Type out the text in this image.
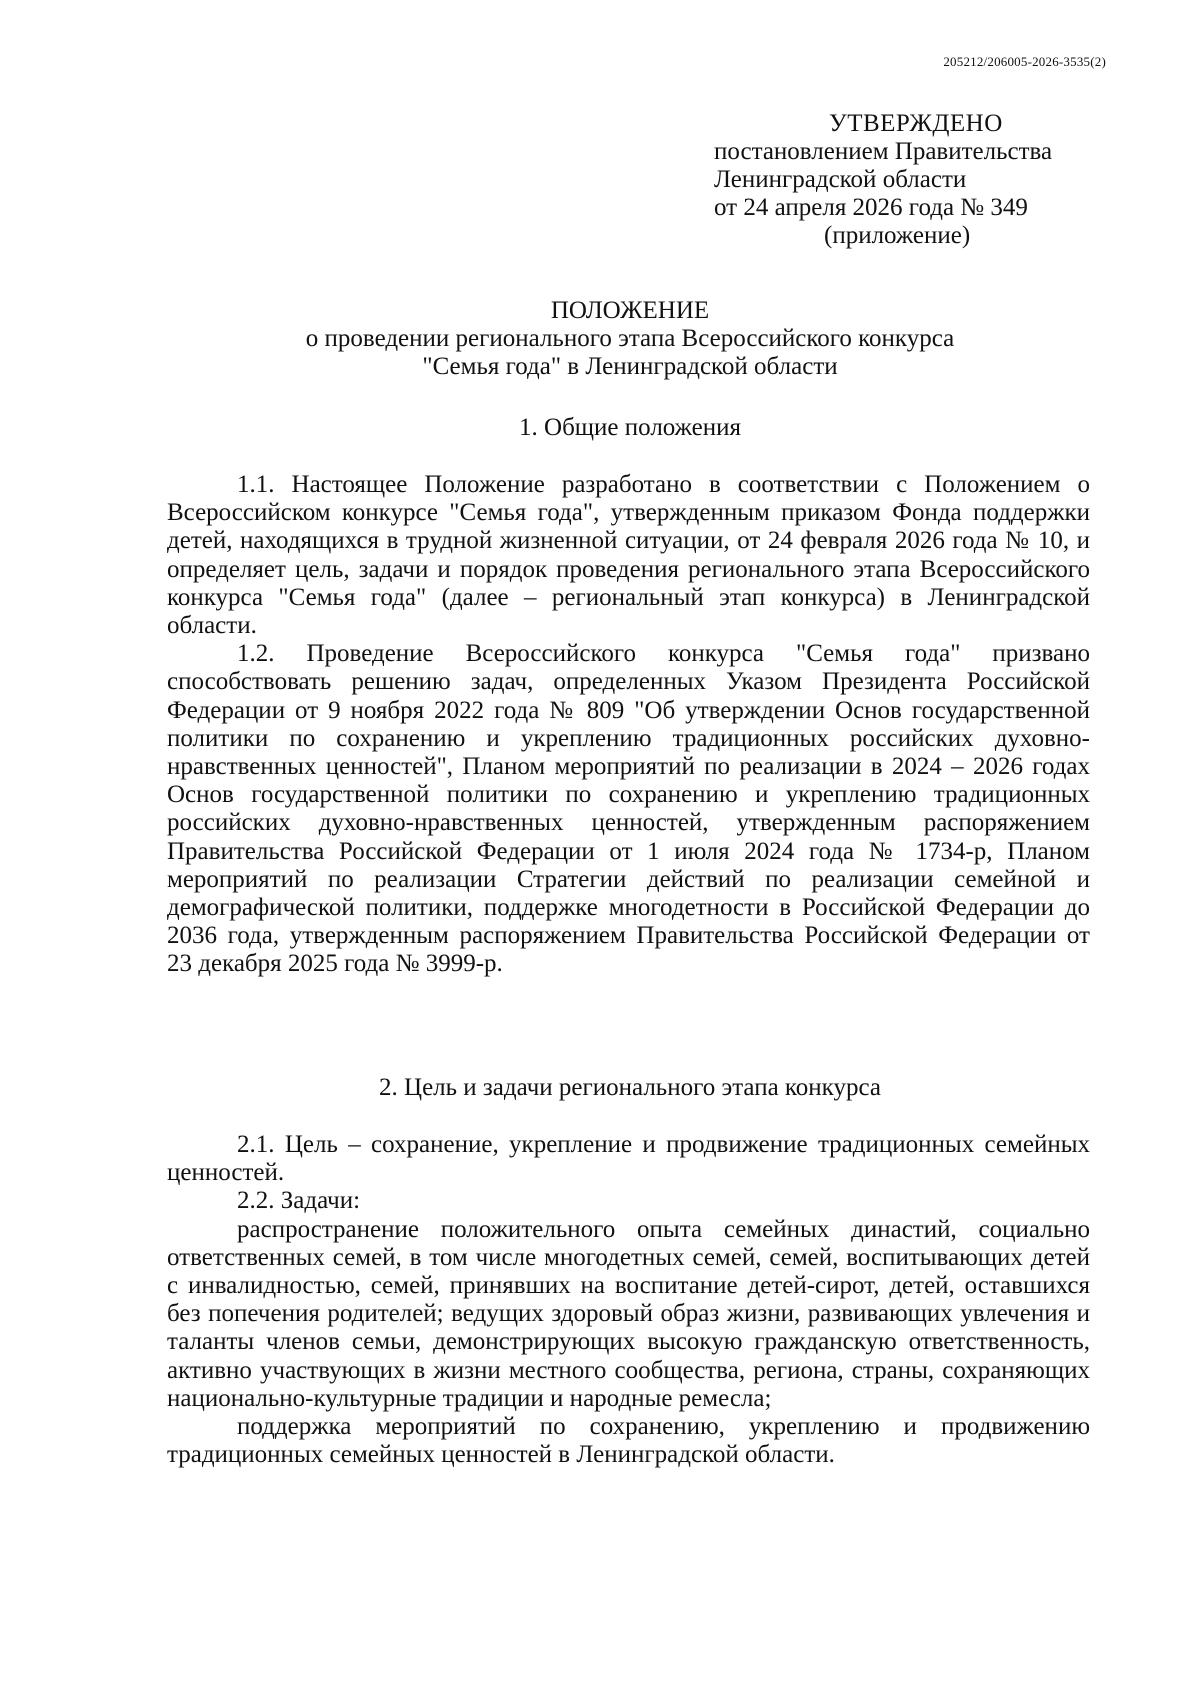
205212/206005-2026-3535(2)
УТВЕРЖДЕНО
постановлением Правительства
Ленинградской области
от 24 апреля 2026 года № 349
(приложение)
ПОЛОЖЕНИЕ
о проведении регионального этапа Всероссийского конкурса
"Семья года" в Ленинградской области
1. Общие положения

1.1. Настоящее Положение разработано в соответствии с Положением о Всероссийском конкурсе "Семья года", утвержденным приказом Фонда поддержки детей, находящихся в трудной жизненной ситуации, от 24 февраля 2026 года № 10, и определяет цель, задачи и порядок проведения регионального этапа Всероссийского конкурса "Семья года" (далее – региональный этап конкурса) в Ленинградской области.

1.2. Проведение Всероссийского конкурса "Семья года" призвано способствовать решению задач, определенных Указом Президента Российской Федерации от 9 ноября 2022 года № 809 "Об утверждении Основ государственной политики по сохранению и укреплению традиционных российских духовно-нравственных ценностей", Планом мероприятий по реализации в 2024 – 2026 годах Основ государственной политики по сохранению и укреплению традиционных российских духовно-нравственных ценностей, утвержденным распоряжением Правительства Российской Федерации от 1 июля 2024 года № 1734-р, Планом мероприятий по реализации Стратегии действий по реализации семейной и демографической политики, поддержке многодетности в Российской Федерации до 2036 года, утвержденным распоряжением Правительства Российской Федерации от 23 декабря 2025 года № 3999-р.

2. Цель и задачи регионального этапа конкурса

2.1. Цель – сохранение, укрепление и продвижение традиционных семейных ценностей.

2.2. Задачи:

распространение положительного опыта семейных династий, социально ответственных семей, в том числе многодетных семей, семей, воспитывающих детей с инвалидностью, семей, принявших на воспитание детей-сирот, детей, оставшихся без попечения родителей; ведущих здоровый образ жизни, развивающих увлечения и таланты членов семьи, демонстрирующих высокую гражданскую ответственность, активно участвующих в жизни местного сообщества, региона, страны, сохраняющих национально-культурные традиции и народные ремесла;

поддержка мероприятий по сохранению, укреплению и продвижению традиционных семейных ценностей в Ленинградской области.
